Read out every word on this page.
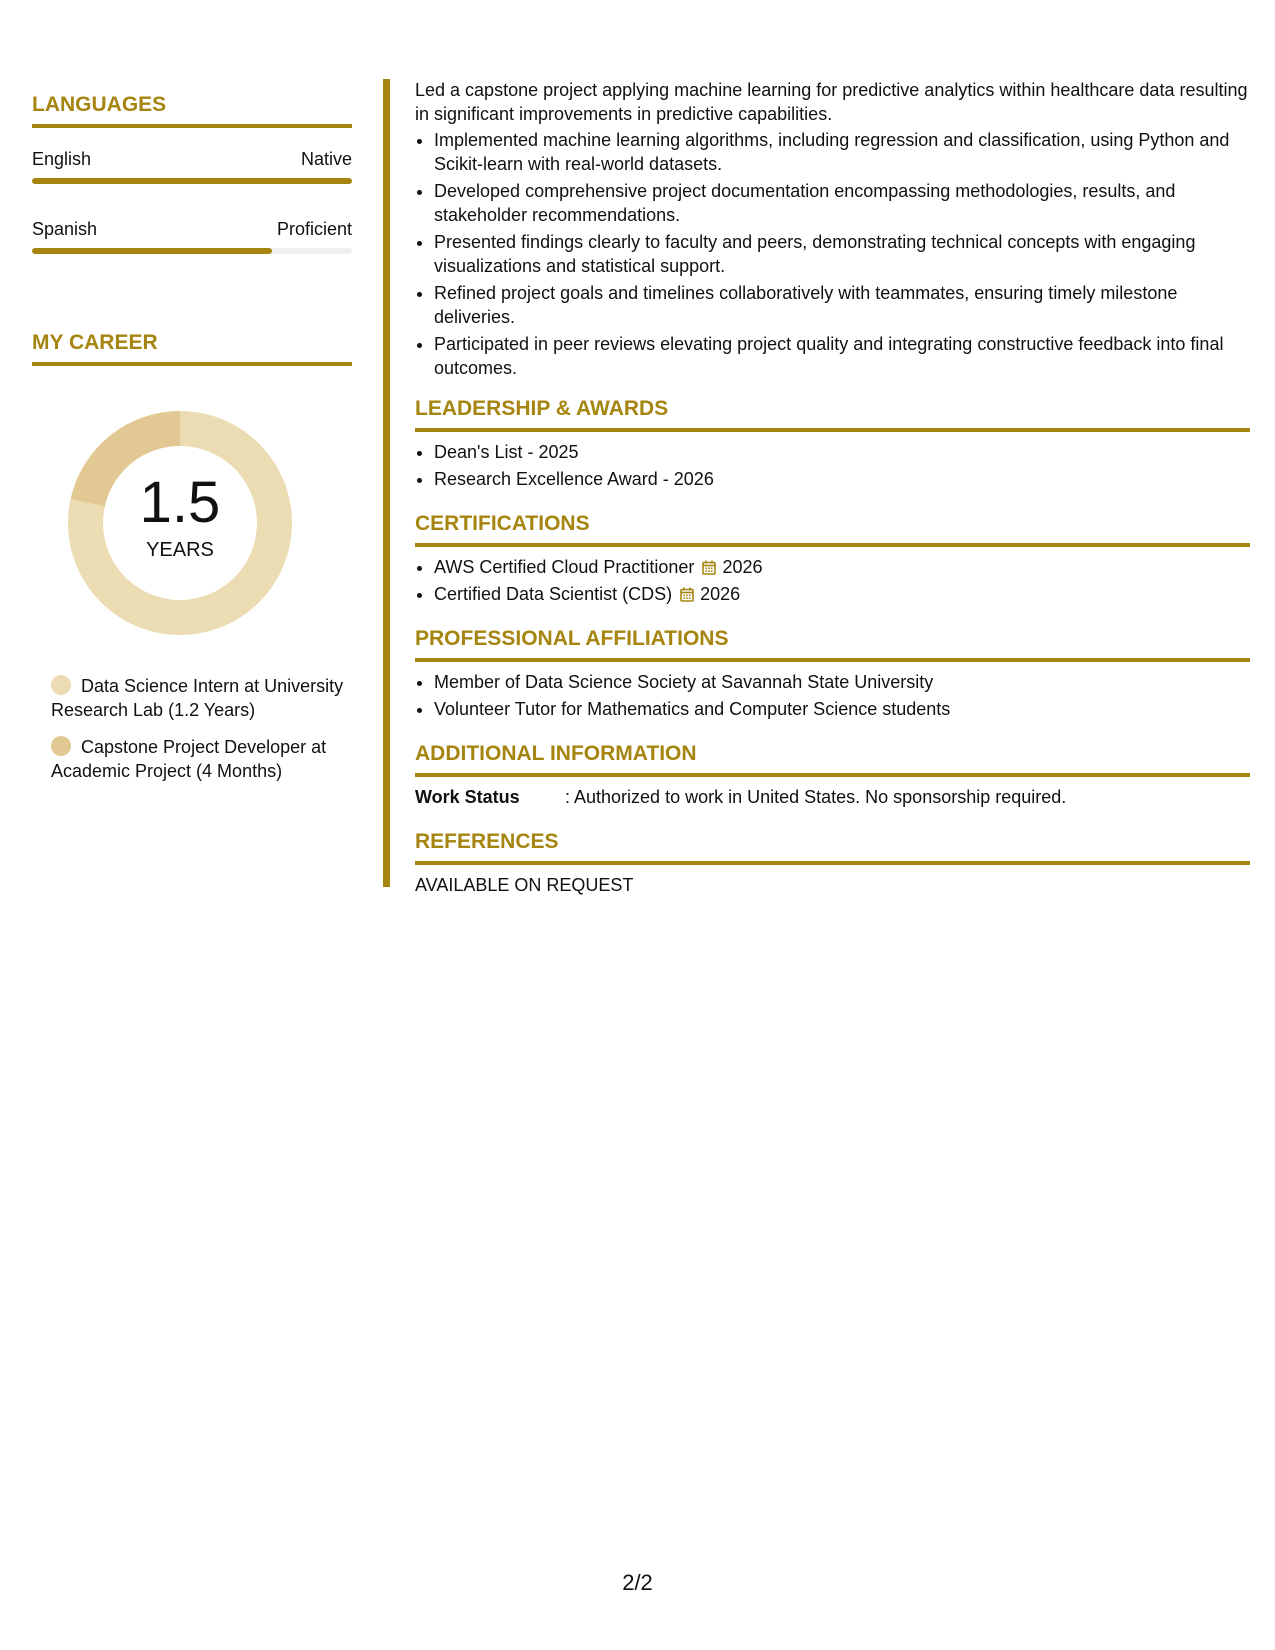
LANGUAGES
English	Native
Spanish	Proficient
MY CAREER
1.5
YEARS
Data Science Intern at University Research Lab (1.2 Years)
Capstone Project Developer at Academic Project (4 Months)

Led a capstone project applying machine learning for predictive analytics within healthcare data resulting in significant improvements in predictive capabilities.

• Implemented machine learning algorithms, including regression and classification, using Python and Scikit-learn with real-world datasets.
• Developed comprehensive project documentation encompassing methodologies, results, and stakeholder recommendations.
• Presented findings clearly to faculty and peers, demonstrating technical concepts with engaging visualizations and statistical support.
• Refined project goals and timelines collaboratively with teammates, ensuring timely milestone deliveries.
• Participated in peer reviews elevating project quality and integrating constructive feedback into final outcomes.
LEADERSHIP & AWARDS
• Dean's List - 2025
• Research Excellence Award - 2026
CERTIFICATIONS
• AWS Certified Cloud Practitioner 2026
• Certified Data Scientist (CDS) 2026
PROFESSIONAL AFFILIATIONS
• Member of Data Science Society at Savannah State University
• Volunteer Tutor for Mathematics and Computer Science students
ADDITIONAL INFORMATION
Work Status	: Authorized to work in United States. No sponsorship required.
REFERENCES
AVAILABLE ON REQUEST
2/2
